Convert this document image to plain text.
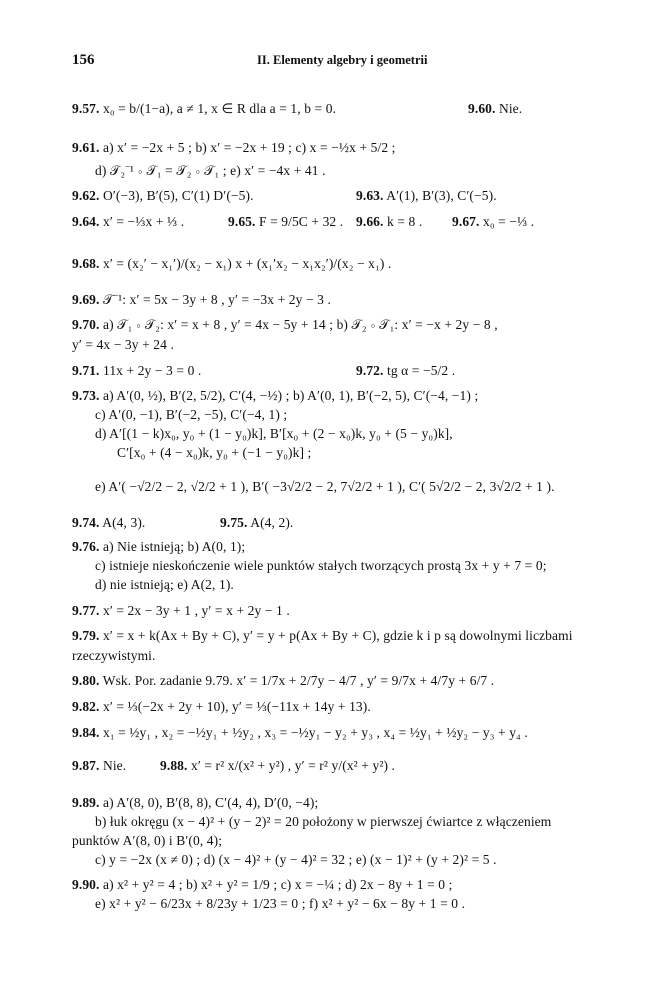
156	II. Elementy algebry i geometrii
9.57. x₀ = b/(1−a), a ≠ 1, x ∈ R dla a = 1, b = 0.	9.60. Nie.
9.61. a) x′ = −2x + 5 ; b) x′ = −2x + 19 ; c) x = −½x + 5/2 ;
d) 𝒯₂⁻¹ ∘ 𝒯₁ = 𝒯₂ ∘ 𝒯₁ ; e) x′ = −4x + 41 .
9.62. O′(−3), B′(5), C′(1) D′(−5).	9.63. A′(1), B′(3), C′(−5).
9.64. x′ = −⅓x + ⅓ .	9.65. F = 9/5C + 32 . 9.66. k = 8 . 9.67. x₀ = −⅓ .
9.68. x′ = (x₂′ − x₁′)/(x₂ − x₁) x + (x₁′x₂ − x₁x₂′)/(x₂ − x₁) .
9.69. 𝒯⁻¹: x′ = 5x − 3y + 8 , y′ = −3x + 2y − 3 .
9.70. a) 𝒯₁ ∘ 𝒯₂: x′ = x + 8 , y′ = 4x − 5y + 14 ; b) 𝒯₂ ∘ 𝒯₁: x′ = −x + 2y − 8 ,
y′ = 4x − 3y + 24 .
9.71. 11x + 2y − 3 = 0 .	9.72. tg α = −5/2 .
9.73. a) A′(0, ½), B′(2, 5/2), C′(4, −½) ; b) A′(0, 1), B′(−2, 5), C′(−4, −1) ;
c) A′(0, −1), B′(−2, −5), C′(−4, 1) ;
d) A′[(1 − k)x₀, y₀ + (1 − y₀)k], B′[x₀ + (2 − x₀)k, y₀ + (5 − y₀)k],
C′[x₀ + (4 − x₀)k, y₀ + (−1 − y₀)k] ;
e) A′( −√2/2 − 2, √2/2 + 1 ), B′( −3√2/2 − 2, 7√2/2 + 1 ), C′( 5√2/2 − 2, 3√2/2 + 1 ).
9.74. A(4, 3).	9.75. A(4, 2).
9.76. a) Nie istnieją; b) A(0, 1);
c) istnieje nieskończenie wiele punktów stałych tworzących prostą 3x + y + 7 = 0;
d) nie istnieją; e) A(2, 1).
9.77. x′ = 2x − 3y + 1 , y′ = x + 2y − 1 .
9.79. x′ = x + k(Ax + By + C), y′ = y + p(Ax + By + C), gdzie k i p są dowolnymi liczbami
rzeczywistymi.
9.80. Wsk. Por. zadanie 9.79. x′ = 1/7x + 2/7y − 4/7 , y′ = 9/7x + 4/7y + 6/7 .
9.82. x′ = ⅓(−2x + 2y + 10), y′ = ⅓(−11x + 14y + 13).
9.84. x₁ = ½y₁ , x₂ = −½y₁ + ½y₂ , x₃ = −½y₁ − y₂ + y₃ , x₄ = ½y₁ + ½y₂ − y₃ + y₄ .
9.87. Nie. 9.88. x′ = r² x/(x² + y²) , y′ = r² y/(x² + y²) .
9.89. a) A′(8, 0), B′(8, 8), C′(4, 4), D′(0, −4);
b) łuk okręgu (x − 4)² + (y − 2)² = 20 położony w pierwszej ćwiartce z włączeniem
punktów A′(8, 0) i B′(0, 4);
c) y = −2x (x ≠ 0) ; d) (x − 4)² + (y − 4)² = 32 ; e) (x − 1)² + (y + 2)² = 5 .
9.90. a) x² + y² = 4 ; b) x² + y² = 1/9 ; c) x = −¼ ; d) 2x − 8y + 1 = 0 ;
e) x² + y² − 6/23x + 8/23y + 1/23 = 0 ; f) x² + y² − 6x − 8y + 1 = 0 .
